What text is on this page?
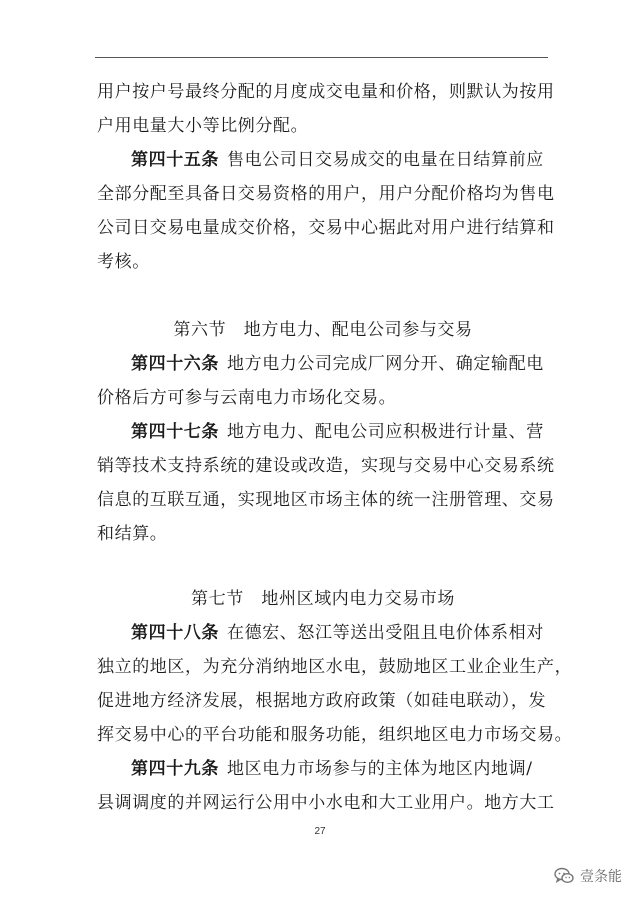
用户按户号最终分配的月度成交电量和价格，则默认为按用
户用电量大小等比例分配。
第四十五条 售电公司日交易成交的电量在日结算前应
全部分配至具备日交易资格的用户，用户分配价格均为售电
公司日交易电量成交价格，交易中心据此对用户进行结算和
考核。
第六节　地方电力、配电公司参与交易
第四十六条 地方电力公司完成厂网分开、确定输配电
价格后方可参与云南电力市场化交易。
第四十七条 地方电力、配电公司应积极进行计量、营
销等技术支持系统的建设或改造，实现与交易中心交易系统
信息的互联互通，实现地区市场主体的统一注册管理、交易
和结算。
第七节　地州区域内电力交易市场
第四十八条 在德宏、怒江等送出受阻且电价体系相对
独立的地区，为充分消纳地区水电，鼓励地区工业企业生产，
促进地方经济发展，根据地方政府政策（如硅电联动），发
挥交易中心的平台功能和服务功能，组织地区电力市场交易。
第四十九条 地区电力市场参与的主体为地区内地调/
县调调度的并网运行公用中小水电和大工业用户。地方大工
27
壹条能
